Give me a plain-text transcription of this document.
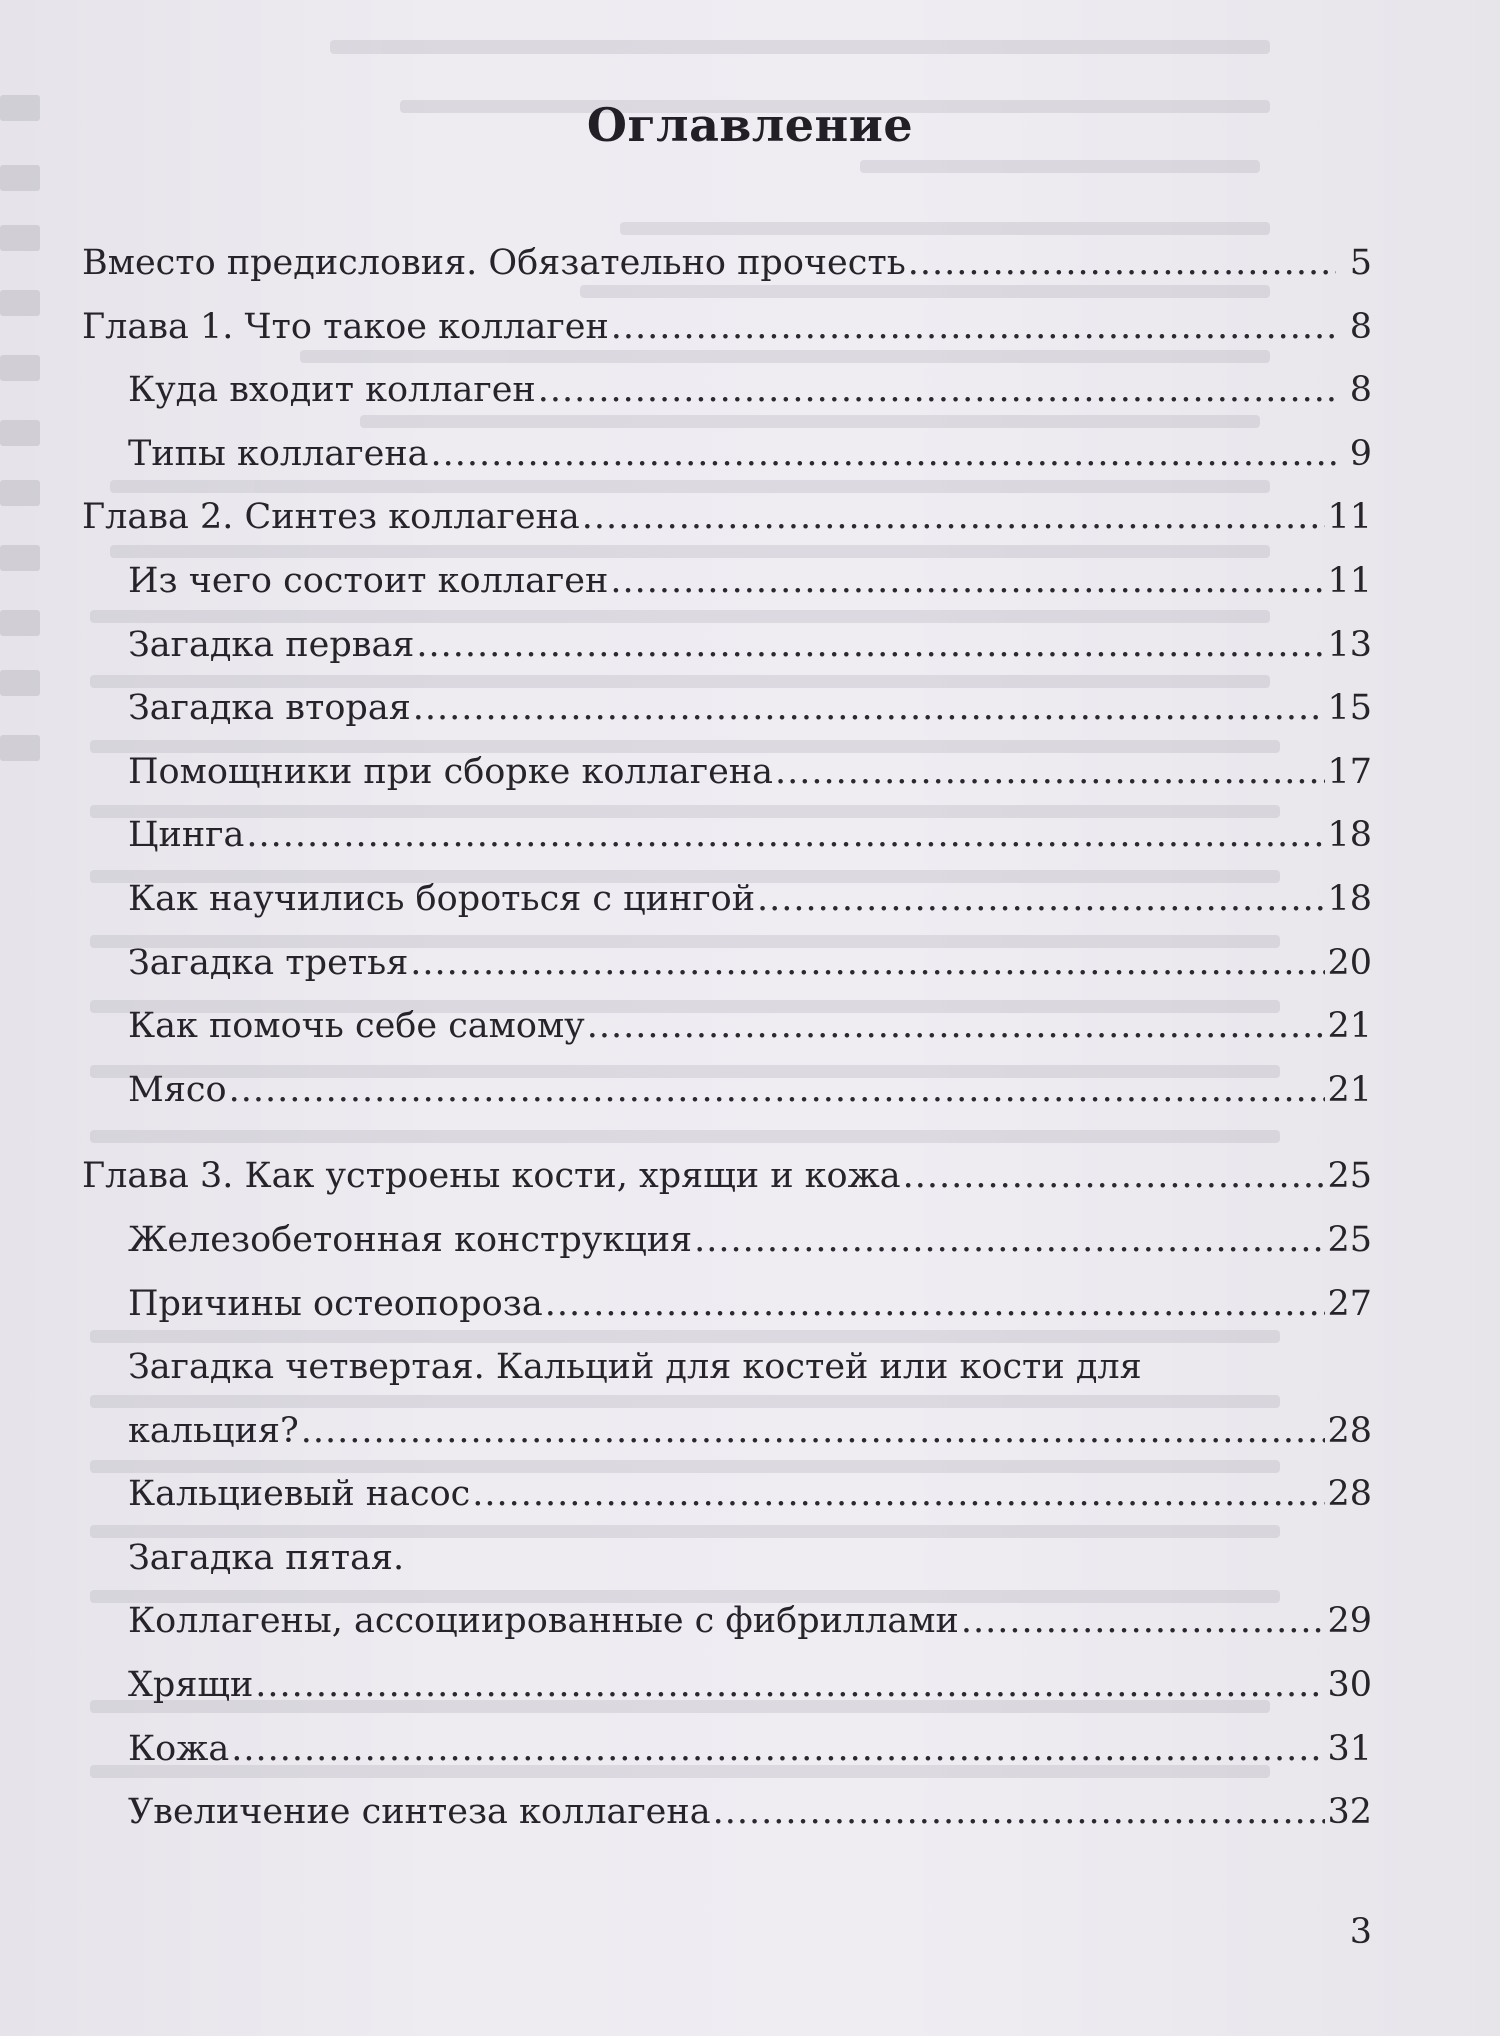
Оглавление
Вместо предисловия. Обязательно прочесть .....	5
Глава 1. Что такое коллаген .....	8
Куда входит коллаген .....	8
Типы коллагена .....	9
Глава 2. Синтез коллагена .....	11
Из чего состоит коллаген .....	11
Загадка первая .....	13
Загадка вторая .....	15
Помощники при сборке коллагена .....	17
Цинга .....	18
Как научились бороться с цингой .....	18
Загадка третья .....	20
Как помочь себе самому .....	21
Мясо .....	21
Глава 3. Как устроены кости, хрящи и кожа .....	25
Железобетонная конструкция .....	25
Причины остеопороза .....	27
Загадка четвертая. Кальций для костей или кости для
кальция? .....	28
Кальциевый насос .....	28
Загадка пятая.
Коллагены, ассоциированные с фибриллами .....	29
Хрящи .....	30
Кожа .....	31
Увеличение синтеза коллагена .....	32
3
